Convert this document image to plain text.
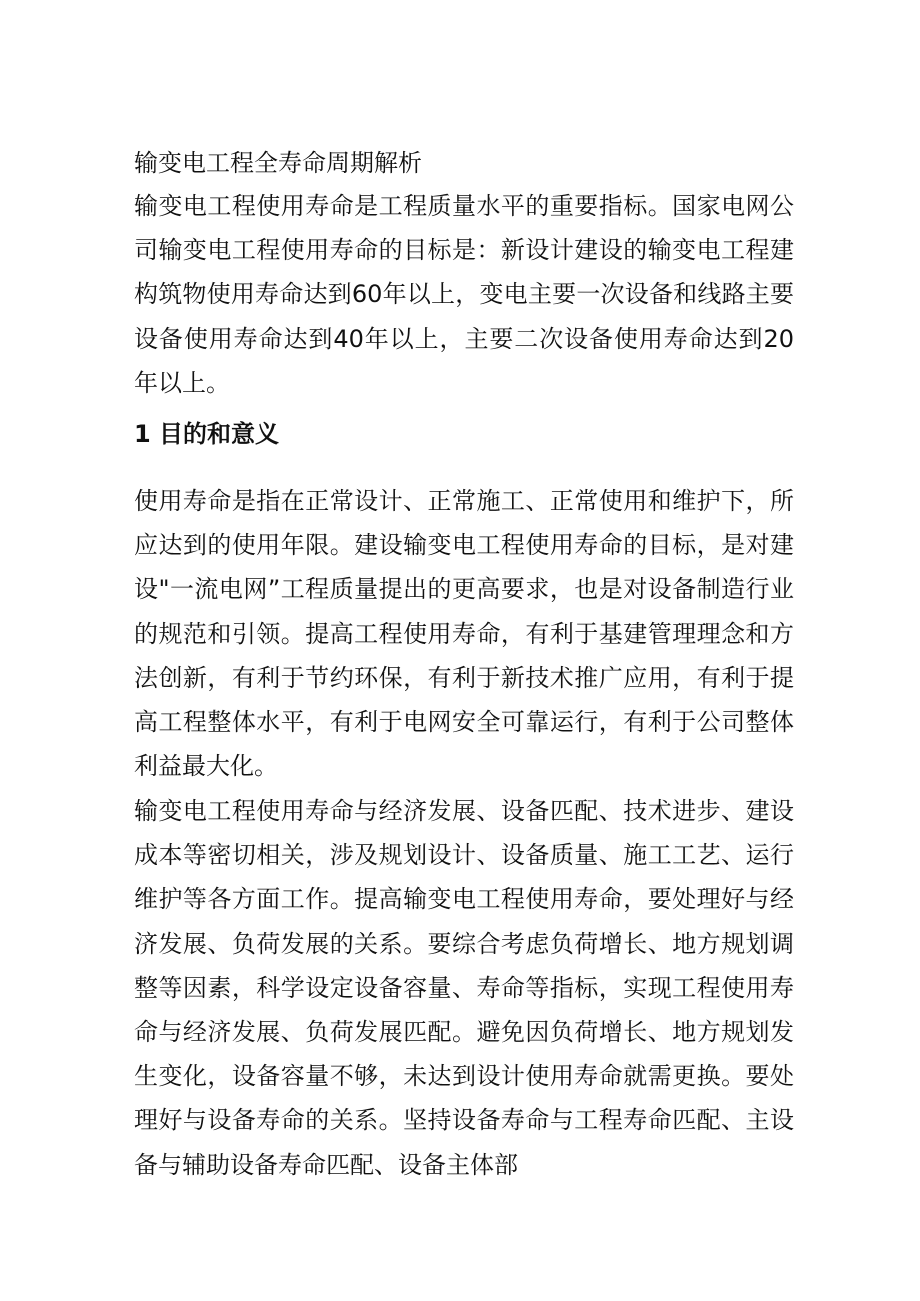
输变电工程全寿命周期解析

输变电工程使用寿命是工程质量水平的重要指标。国家电网公司输变电工程使用寿命的目标是：新设计建设的输变电工程建构筑物使用寿命达到60年以上，变电主要一次设备和线路主要设备使用寿命达到40年以上，主要二次设备使用寿命达到20年以上。

1 目的和意义

使用寿命是指在正常设计、正常施工、正常使用和维护下，所应达到的使用年限。建设输变电工程使用寿命的目标，是对建设"一流电网”工程质量提出的更高要求，也是对设备制造行业的规范和引领。提高工程使用寿命，有利于基建管理理念和方法创新，有利于节约环保，有利于新技术推广应用，有利于提高工程整体水平，有利于电网安全可靠运行，有利于公司整体利益最大化。

输变电工程使用寿命与经济发展、设备匹配、技术进步、建设成本等密切相关，涉及规划设计、设备质量、施工工艺、运行维护等各方面工作。提高输变电工程使用寿命，要处理好与经济发展、负荷发展的关系。要综合考虑负荷增长、地方规划调整等因素，科学设定设备容量、寿命等指标，实现工程使用寿命与经济发展、负荷发展匹配。避免因负荷增长、地方规划发生变化，设备容量不够，未达到设计使用寿命就需更换。要处理好与设备寿命的关系。坚持设备寿命与工程寿命匹配、主设备与辅助设备寿命匹配、设备主体部
